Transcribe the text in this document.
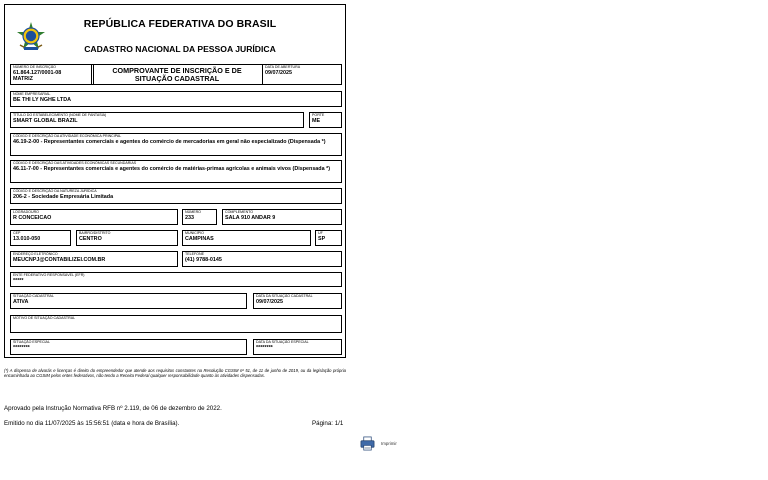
REPÚBLICA FEDERATIVA DO BRASIL
CADASTRO NACIONAL DA PESSOA JURÍDICA
NÚMERO DE INSCRIÇÃO
61.864.127/0001-08
MATRIZ
COMPROVANTE DE INSCRIÇÃO E DE SITUAÇÃO CADASTRAL
DATA DE ABERTURA
09/07/2025
NOME EMPRESARIAL
BE THI LY NGHE LTDA
TÍTULO DO ESTABELECIMENTO (NOME DE FANTASIA)
SMART GLOBAL BRAZIL
PORTE
ME
CÓDIGO E DESCRIÇÃO DA ATIVIDADE ECONÔMICA PRINCIPAL
46.19-2-00 - Representantes comerciais e agentes do comércio de mercadorias em geral não especializado (Dispensada *)
CÓDIGO E DESCRIÇÃO DAS ATIVIDADES ECONÔMICAS SECUNDÁRIAS
46.11-7-00 - Representantes comerciais e agentes do comércio de matérias-primas agrícolas e animais vivos (Dispensada *)
CÓDIGO E DESCRIÇÃO DA NATUREZA JURÍDICA
206-2 - Sociedade Empresária Limitada
LOGRADOURO
R CONCEICAO
NÚMERO
233
COMPLEMENTO
SALA 910 ANDAR 9
CEP
13.010-050
BAIRRO/DISTRITO
CENTRO
MUNICÍPIO
CAMPINAS
UF
SP
ENDEREÇO ELETRÔNICO
MEUCNPJ@CONTABILIZEI.COM.BR
TELEFONE
(41) 9788-0145
ENTE FEDERATIVO RESPONSÁVEL (EFR)
*****
SITUAÇÃO CADASTRAL
ATIVA
DATA DA SITUAÇÃO CADASTRAL
09/07/2025
MOTIVO DE SITUAÇÃO CADASTRAL
SITUAÇÃO ESPECIAL
********
DATA DA SITUAÇÃO ESPECIAL
********
(*) A dispensa de alvarás e licenças é direito do empreendedor que atende aos requisitos constantes na Resolução CGSIM nº 51, de 11 de junho de 2019, ou da legislação própria encaminhada ao CGSIM pelos entes federativos, não tendo a Receita Federal qualquer responsabilidade quanto às atividades dispensadas.
Aprovado pela Instrução Normativa RFB nº 2.119, de 06 de dezembro de 2022.
Emitido no dia 11/07/2025 às 15:56:51 (data e hora de Brasília).	Página: 1/1
Imprimir
